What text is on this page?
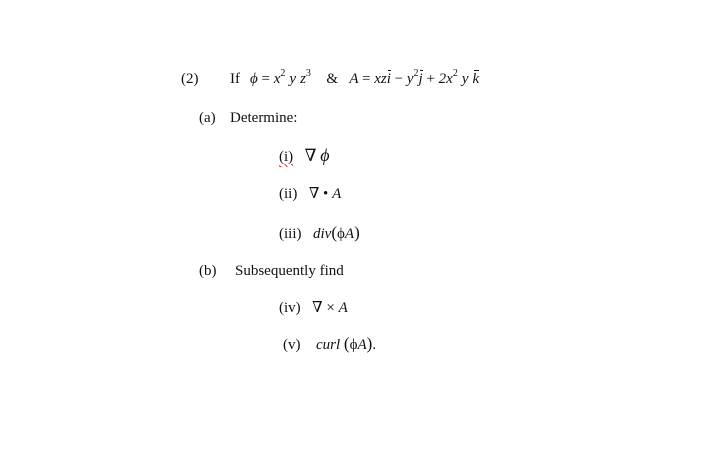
(2) If $\phi = x^2$ y $z^3$ & A = xzi − $y^2j + 2x^2$ y k
(a) Determine:
(i) ∇ ϕ
(ii) ∇ • A
(iii) div(ϕA)
(b) Subsequently find
(iv) ∇ × A
(v) curl (ϕA).
